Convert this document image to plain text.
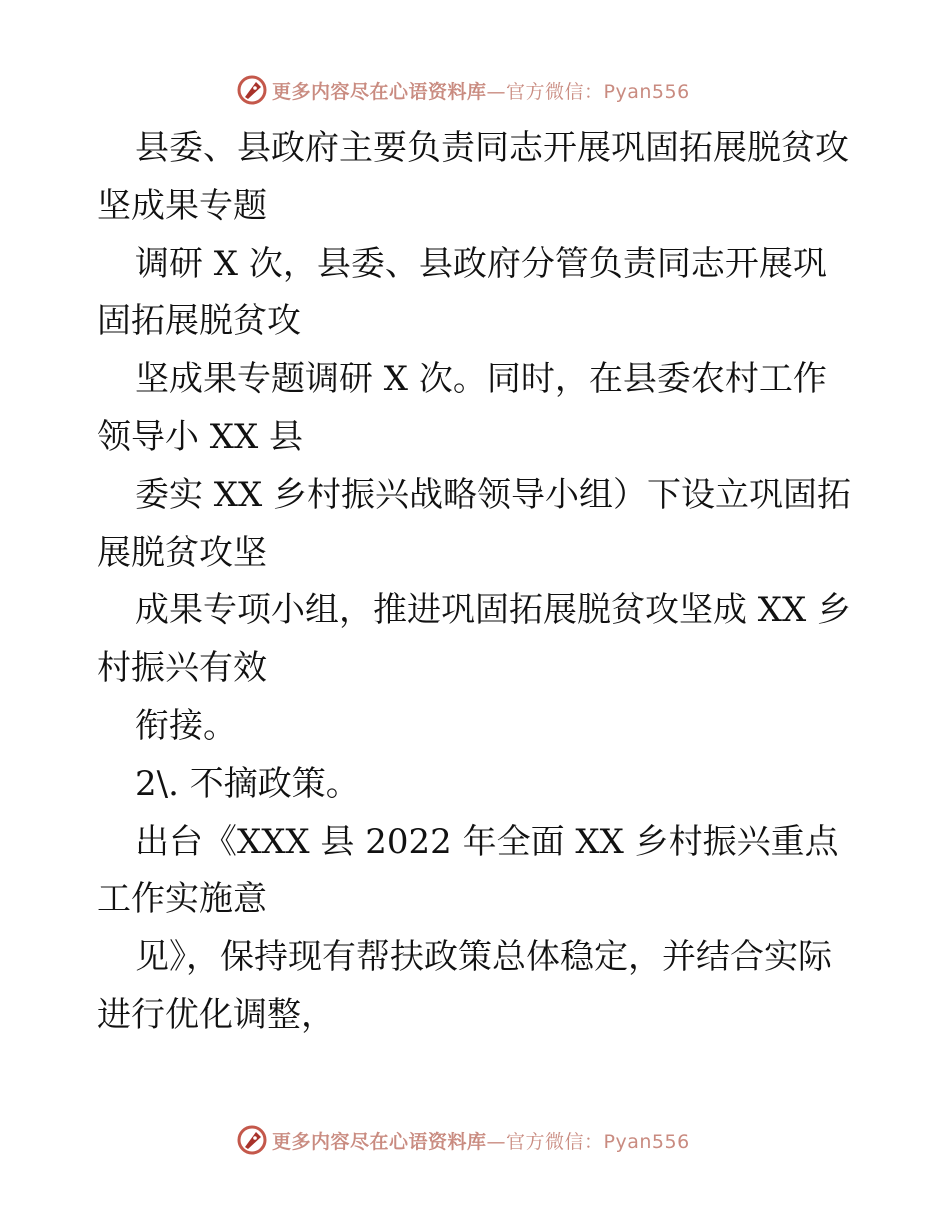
更多内容尽在心语资料库—官方微信：Pyan556

县委、县政府主要负责同志开展巩固拓展脱贫攻坚成果专题

调研 X 次，县委、县政府分管负责同志开展巩固拓展脱贫攻

坚成果专题调研 X 次。同时，在县委农村工作领导小 XX 县

委实 XX 乡村振兴战略领导小组）下设立巩固拓展脱贫攻坚

成果专项小组，推进巩固拓展脱贫攻坚成 XX 乡村振兴有效

衔接。

2\. 不摘政策。

出台《XXX 县 2022 年全面 XX 乡村振兴重点工作实施意

见》，保持现有帮扶政策总体稳定，并结合实际进行优化调整，

更多内容尽在心语资料库—官方微信：Pyan556
